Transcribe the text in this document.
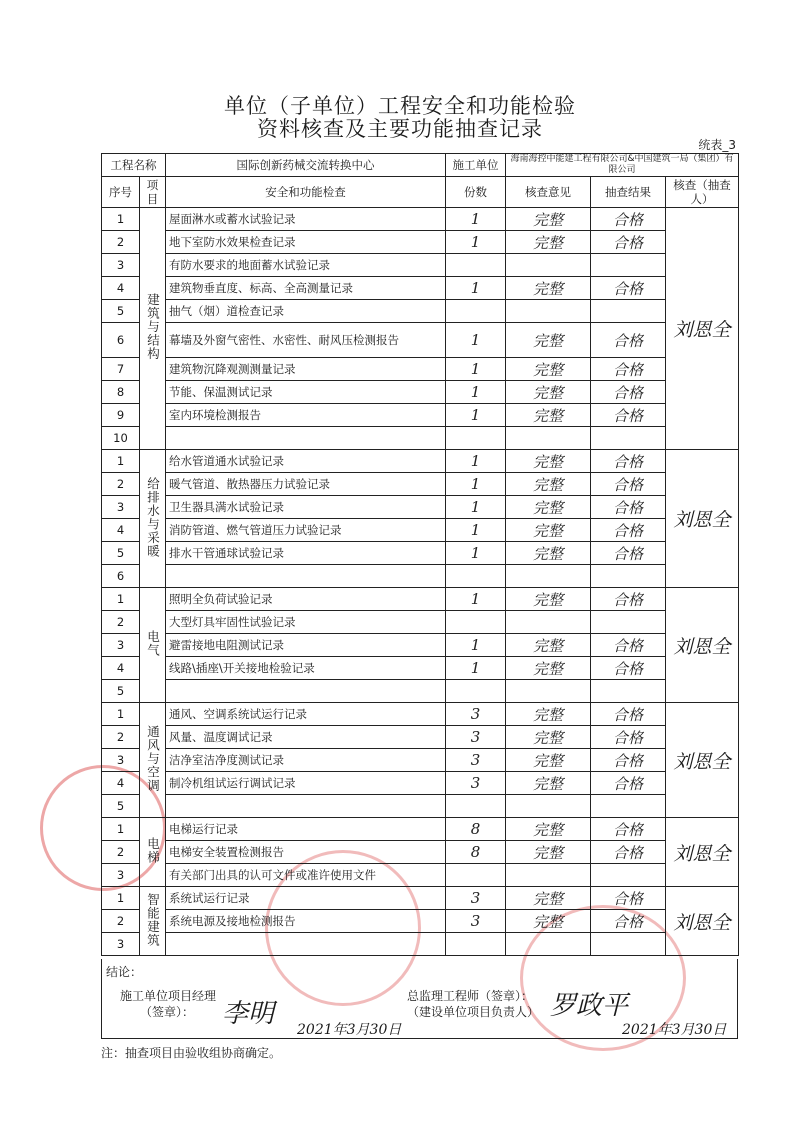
单位（子单位）工程安全和功能检验
资料核查及主要功能抽查记录
统表_3
工程名称		国际创新药械交流转换中心	施工单位	海南海控中能建工程有限公司&中国建筑一局（集团）有限公司		
序号	项目	安全和功能检查	份数	核查意见	抽查结果	核查（抽查人）
1	建筑与结构	屋面淋水或蓄水试验记录	1	完整	合格	刘恩全
2		地下室防水效果检查记录	1	完整	合格	
3		有防水要求的地面蓄水试验记录				
4		建筑物垂直度、标高、全高测量记录	1	完整	合格	
5		抽气（烟）道检查记录				
6		幕墙及外窗气密性、水密性、耐风压检测报告	1	完整	合格	
7		建筑物沉降观测测量记录	1	完整	合格	
8		节能、保温测试记录	1	完整	合格	
9		室内环境检测报告	1	完整	合格	
10						
1	给排水与采暖	给水管道通水试验记录	1	完整	合格	刘恩全
2		暖气管道、散热器压力试验记录	1	完整	合格	
3		卫生器具满水试验记录	1	完整	合格	
4		消防管道、燃气管道压力试验记录	1	完整	合格	
5		排水干管通球试验记录	1	完整	合格	
6						
1	电气	照明全负荷试验记录	1	完整	合格	刘恩全
2		大型灯具牢固性试验记录				
3		避雷接地电阻测试记录	1	完整	合格	
4		线路\插座\开关接地检验记录	1	完整	合格	
5						
1	通风与空调	通风、空调系统试运行记录	3	完整	合格	刘恩全
2		风量、温度调试记录	3	完整	合格	
3		洁净室洁净度测试记录	3	完整	合格	
4		制冷机组试运行调试记录	3	完整	合格	
5						
1	电梯	电梯运行记录	8	完整	合格	刘恩全
2		电梯安全装置检测报告	8	完整	合格	
3		有关部门出具的认可文件或准许使用文件				
1	智能建筑	系统试运行记录	3	完整	合格	刘恩全
2		系统电源及接地检测报告	3	完整	合格	
3						
结论：
施工单位项目经理
（签章）： 李明
2021年3月30日
总监理工程师（签章）：
（建设单位项目负责人） 罗政平
2021年3月30日
注：抽查项目由验收组协商确定。
